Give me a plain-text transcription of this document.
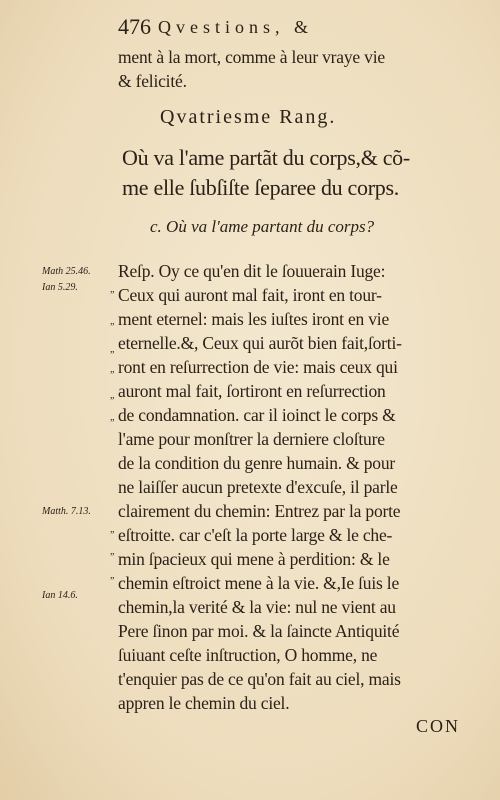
476 Qvestions, &
ment à la mort, comme à leur vraye vie
& felicité.
Qvatriesme Rang.
Où va l'ame partãt du corps,& cõ-
me elle ſubſiſte ſeparee du corps.
c. Où va l'ame partant du corps?
Math 25.46.
Ian 5.29.
Matth. 7.13.
Ian 14.6.
”
”
”
”
”
”
”
”
”
Reſp. Oy ce qu'en dit le ſouuerain Iuge:
Ceux qui auront mal fait, iront en tour-
ment eternel: mais les iuſtes iront en vie
eternelle.&, Ceux qui aurõt bien fait,ſorti-
ront en reſurrection de vie: mais ceux qui
auront mal fait, ſortiront en reſurrection
de condamnation. car il ioinct le corps &
l'ame pour monſtrer la derniere cloſture
de la condition du genre humain. & pour
ne laiſſer aucun pretexte d'excuſe, il parle
clairement du chemin: Entrez par la porte
eſtroitte. car c'eſt la porte large & le che-
min ſpacieux qui mene à perdition: & le
chemin eſtroict mene à la vie. &,Ie ſuis le
chemin,la verité & la vie: nul ne vient au
Pere ſinon par moi. & la ſaincte Antiquité
ſuiuant ceſte inſtruction, O homme, ne
t'enquier pas de ce qu'on fait au ciel, mais
appren le chemin du ciel.
CON
